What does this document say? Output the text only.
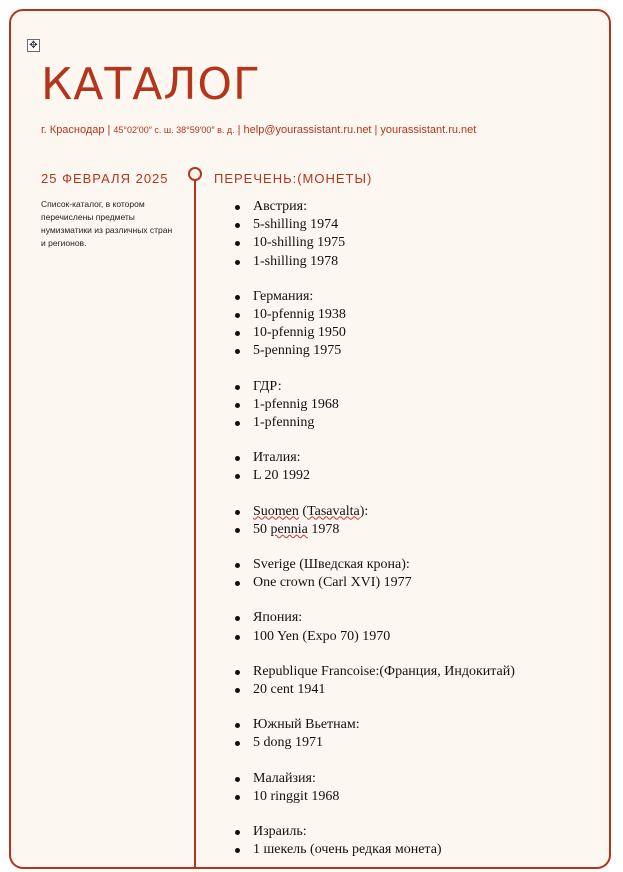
✥
КАТАЛОГ
г. Краснодар | 45°02′00″ с. ш. 38°59′00″ в. д. | help@yourassistant.ru.net | yourassistant.ru.net
25 ФЕВРАЛЯ 2025
Список-каталог, в котором перечислены предметы нумизматики из различных стран и регионов.
ПЕРЕЧЕНЬ:(МОНЕТЫ)
Австрия:
5-shilling 1974
10-shilling 1975
1-shilling 1978
Германия:
10-pfennig 1938
10-pfennig 1950
5-penning 1975
ГДР:
1-pfennig 1968
1-pfenning
Италия:
L 20 1992
Suomen (Tasavalta):
50 pennia 1978
Sverige (Шведская крона):
One crown (Carl XVI) 1977
Япония:
100 Yen (Expo 70) 1970
Republique Francoise:(Франция, Индокитай)
20 cent 1941
Южный Вьетнам:
5 dong 1971
Малайзия:
10 ringgit 1968
Израиль:
1 шекель (очень редкая монета)
